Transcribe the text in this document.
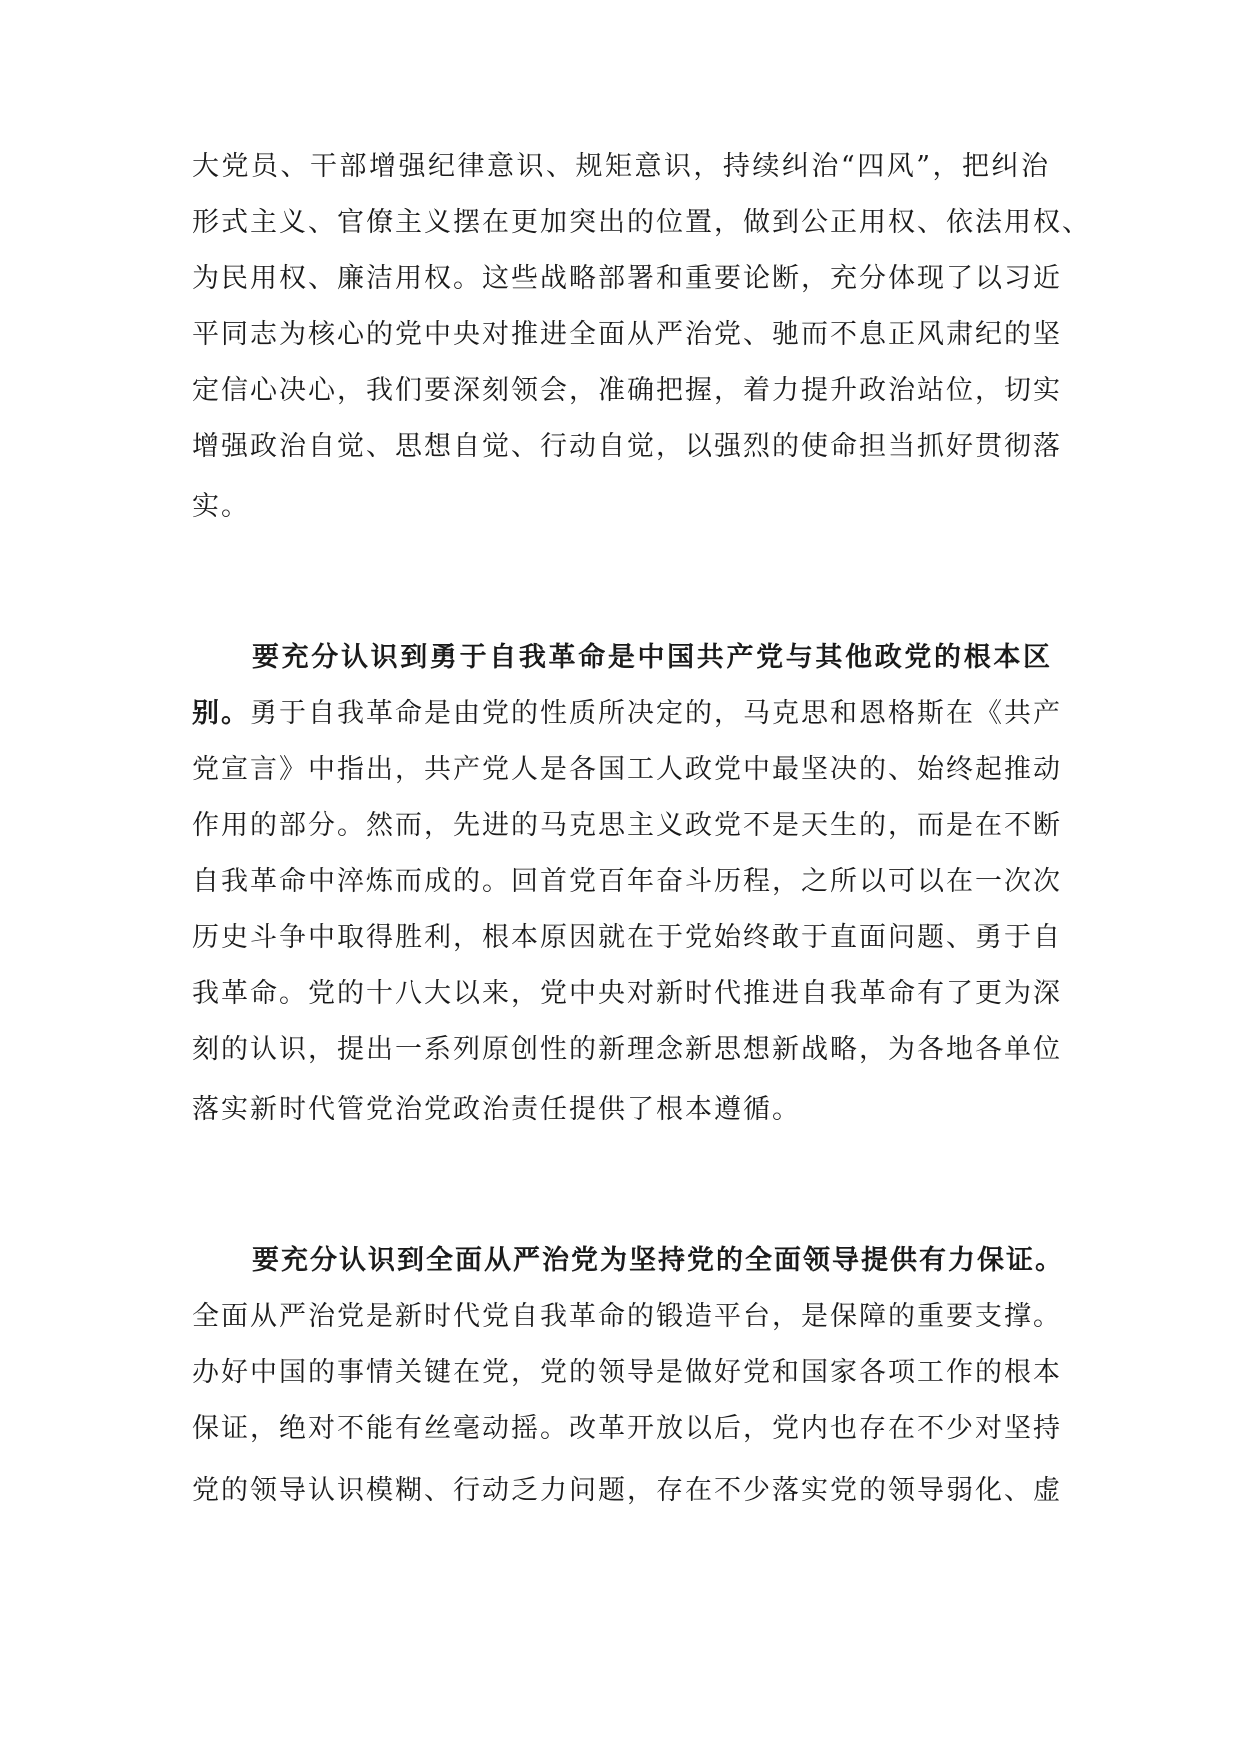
大党员、干部增强纪律意识、规矩意识，持续纠治“四风”，把纠治
形式主义、官僚主义摆在更加突出的位置，做到公正用权、依法用权、
为民用权、廉洁用权。这些战略部署和重要论断，充分体现了以习近
平同志为核心的党中央对推进全面从严治党、驰而不息正风肃纪的坚
定信心决心，我们要深刻领会，准确把握，着力提升政治站位，切实
增强政治自觉、思想自觉、行动自觉，以强烈的使命担当抓好贯彻落
实。
要充分认识到勇于自我革命是中国共产党与其他政党的根本区
别。勇于自我革命是由党的性质所决定的，马克思和恩格斯在《共产
党宣言》中指出，共产党人是各国工人政党中最坚决的、始终起推动
作用的部分。然而，先进的马克思主义政党不是天生的，而是在不断
自我革命中淬炼而成的。回首党百年奋斗历程，之所以可以在一次次
历史斗争中取得胜利，根本原因就在于党始终敢于直面问题、勇于自
我革命。党的十八大以来，党中央对新时代推进自我革命有了更为深
刻的认识，提出一系列原创性的新理念新思想新战略，为各地各单位
落实新时代管党治党政治责任提供了根本遵循。
要充分认识到全面从严治党为坚持党的全面领导提供有力保证。
全面从严治党是新时代党自我革命的锻造平台，是保障的重要支撑。
办好中国的事情关键在党，党的领导是做好党和国家各项工作的根本
保证，绝对不能有丝毫动摇。改革开放以后，党内也存在不少对坚持
党的领导认识模糊、行动乏力问题，存在不少落实党的领导弱化、虚
